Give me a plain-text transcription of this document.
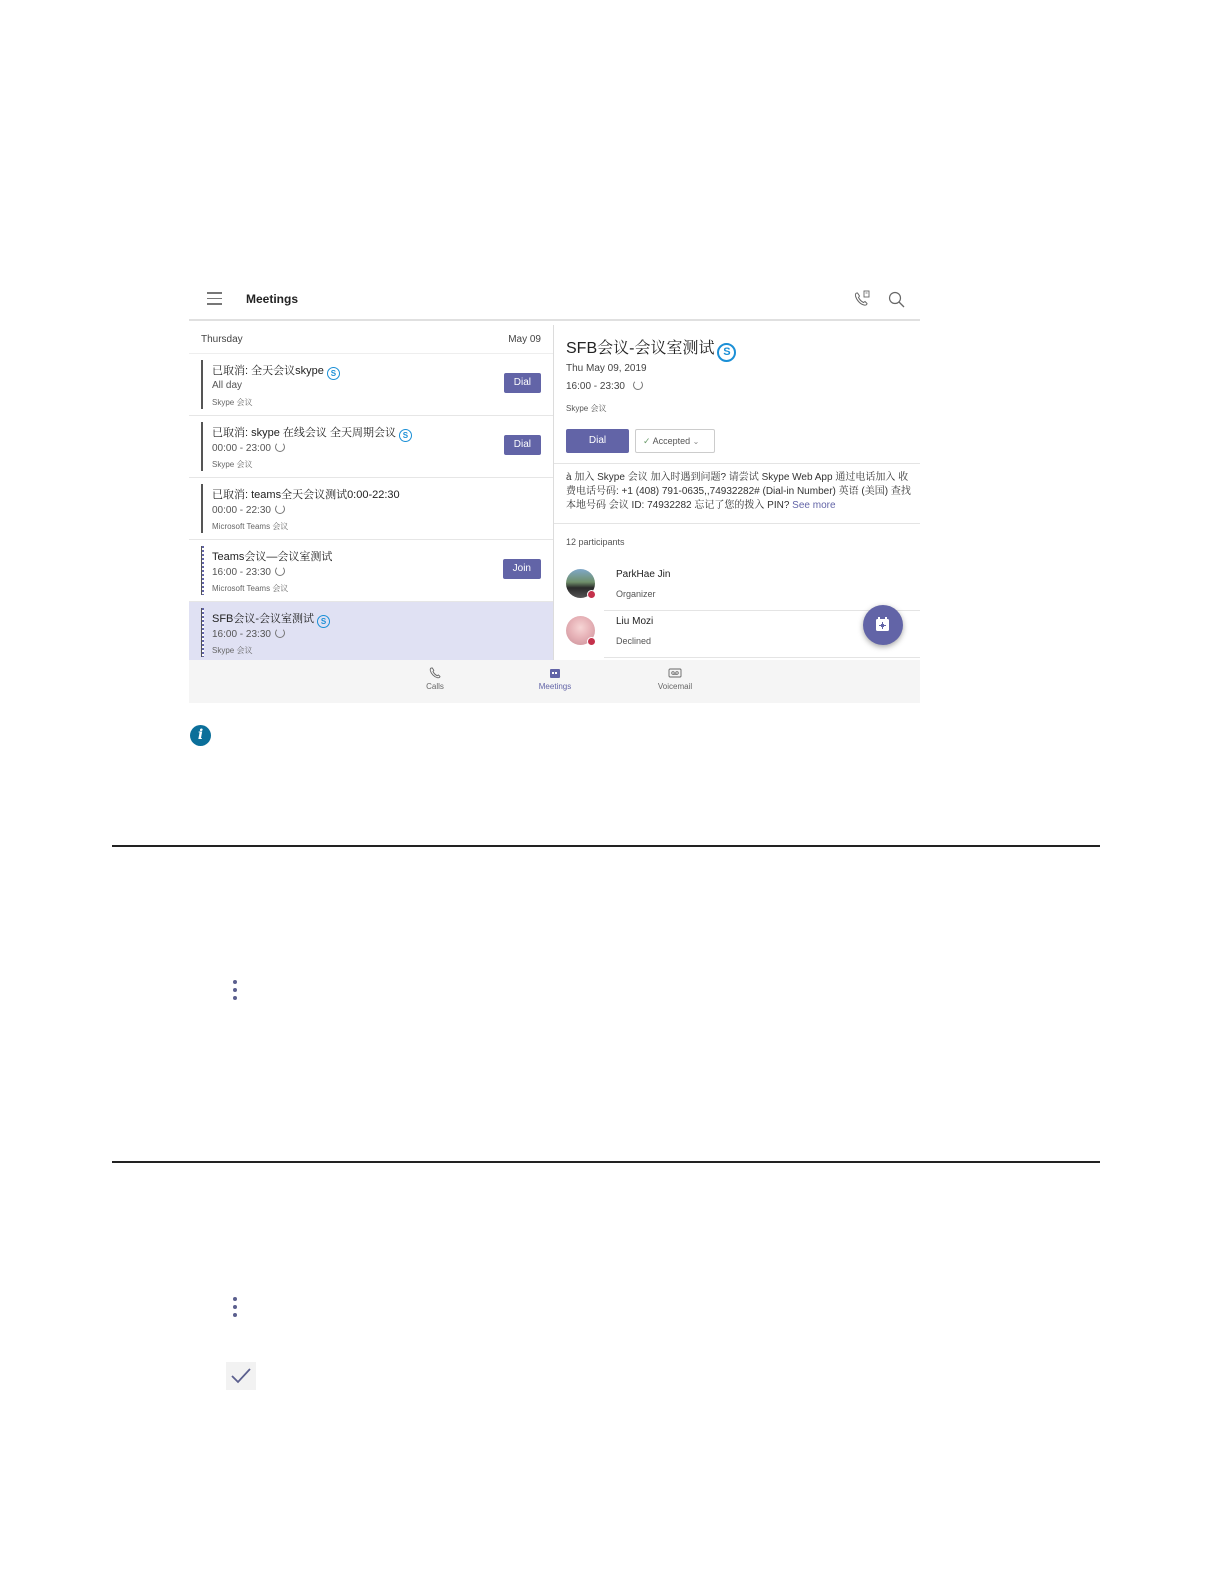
Meetings
Thursday	May 09
已取消: 全天会议skype S
All day
Skype 会议
Dial
已取消: skype 在线会议 全天周期会议 S
00:00 - 23:00
Skype 会议
Dial
已取消: teams全天会议测试0:00-22:30
00:00 - 22:30
Microsoft Teams 会议
Teams会议—会议室测试
16:00 - 23:30
Microsoft Teams 会议
Join
SFB会议-会议室测试 S
16:00 - 23:30
Skype 会议
SFB会议-会议室测试 S
Thu May 09, 2019
16:00 - 23:30
Skype 会议
Dial	✓ Accepted ⌄
à 加入 Skype 会议 加入时遇到问题? 请尝试 Skype Web App 通过电话加入 收费电话号码: +1 (408) 791-0635,,74932282# (Dial-in Number) 英语 (美国) 查找本地号码 会议 ID: 74932282 忘记了您的拨入 PIN? See more
12 participants
ParkHae Jin
Organizer
Liu Mozi
Declined
Calls	Meetings	Voicemail
i
